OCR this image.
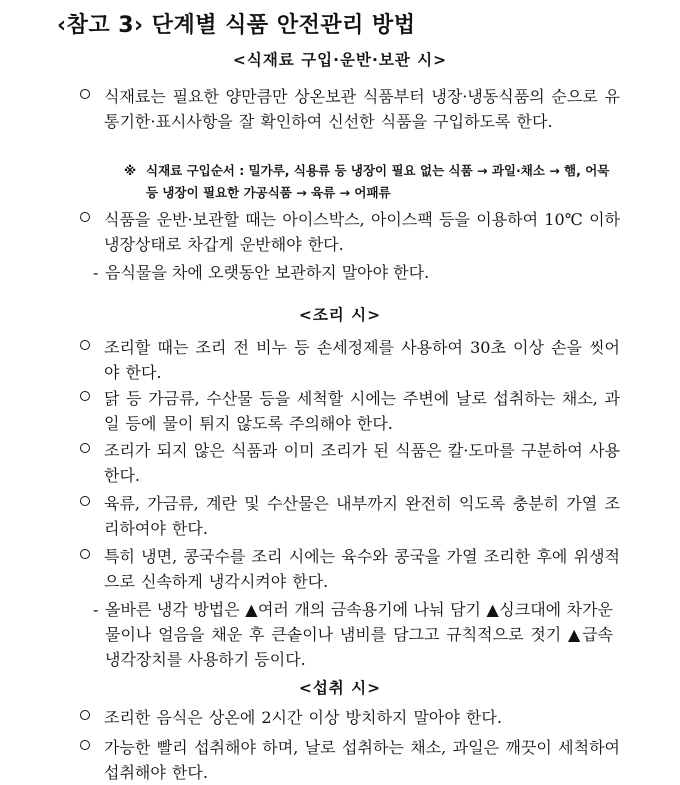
‹참고 3› 단계별 식품 안전관리 방법
<식재료 구입·운반·보관 시>
식재료는 필요한 양만큼만 상온보관 식품부터 냉장·냉동식품의 순으로 유통기한·표시사항을 잘 확인하여 신선한 식품을 구입하도록 한다.
※ 식재료 구입순서 : 밀가루, 식용류 등 냉장이 필요 없는 식품 → 과일·채소 → 햄, 어묵 등 냉장이 필요한 가공식품 → 육류 → 어패류
식품을 운반·보관할 때는 아이스박스, 아이스팩 등을 이용하여 10℃ 이하 냉장상태로 차갑게 운반해야 한다.
- 음식물을 차에 오랫동안 보관하지 말아야 한다.
<조리 시>
조리할 때는 조리 전 비누 등 손세정제를 사용하여 30초 이상 손을 씻어야 한다.
닭 등 가금류, 수산물 등을 세척할 시에는 주변에 날로 섭취하는 채소, 과일 등에 물이 튀지 않도록 주의해야 한다.
조리가 되지 않은 식품과 이미 조리가 된 식품은 칼·도마를 구분하여 사용한다.
육류, 가금류, 계란 및 수산물은 내부까지 완전히 익도록 충분히 가열 조리하여야 한다.
특히 냉면, 콩국수를 조리 시에는 육수와 콩국을 가열 조리한 후에 위생적으로 신속하게 냉각시켜야 한다.
- 올바른 냉각 방법은 ▲여러 개의 금속용기에 나눠 담기 ▲싱크대에 차가운 물이나 얼음을 채운 후 큰솥이나 냄비를 담그고 규칙적으로 젓기 ▲급속 냉각장치를 사용하기 등이다.
<섭취 시>
조리한 음식은 상온에 2시간 이상 방치하지 말아야 한다.
가능한 빨리 섭취해야 하며, 날로 섭취하는 채소, 과일은 깨끗이 세척하여 섭취해야 한다.
